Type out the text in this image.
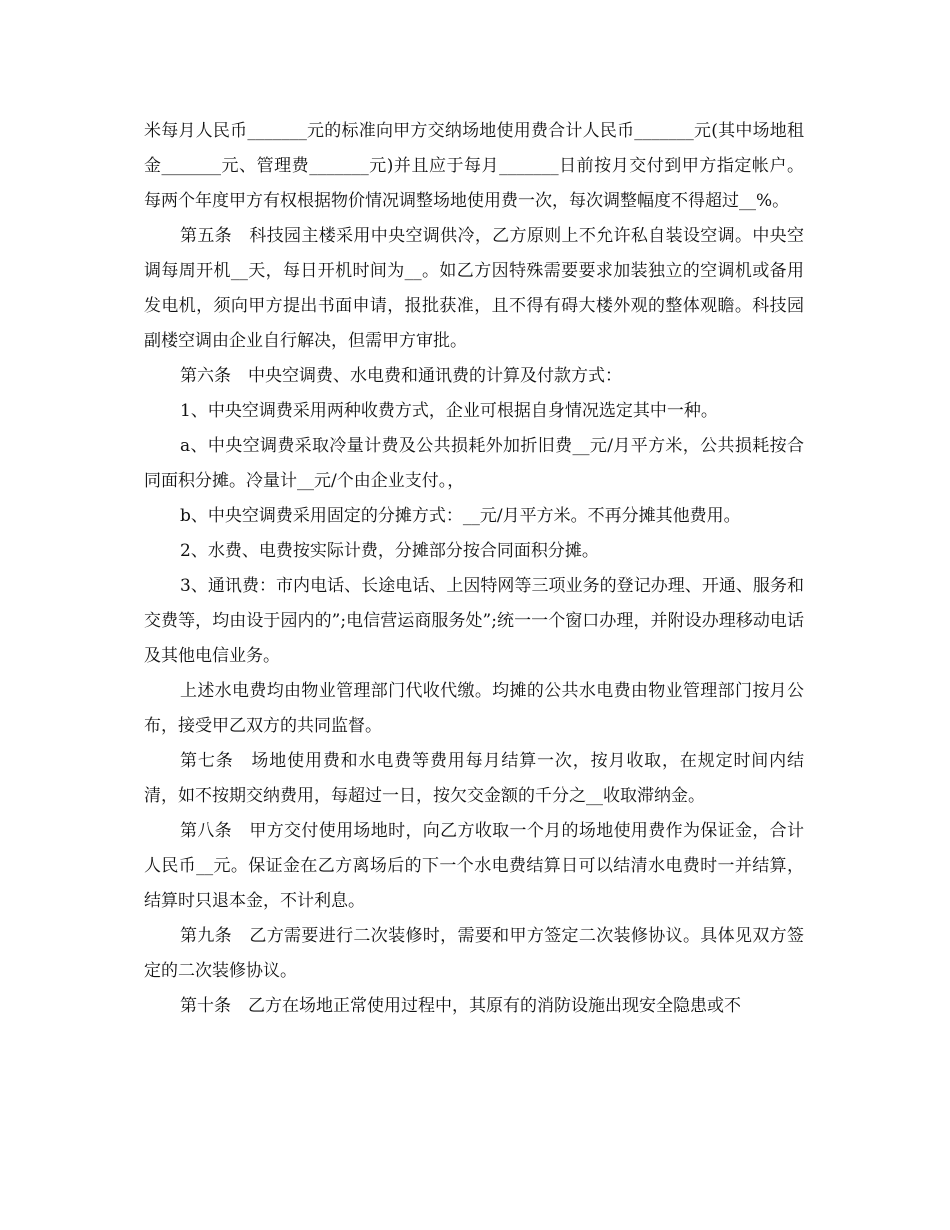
米每月人民币_______元的标准向甲方交纳场地使用费合计人民币_______元(其中场地租金_______元、管理费_______元)并且应于每月_______日前按月交付到甲方指定帐户。每两个年度甲方有权根据物价情况调整场地使用费一次，每次调整幅度不得超过__%。

第五条　科技园主楼采用中央空调供冷，乙方原则上不允许私自装设空调。中央空调每周开机__天，每日开机时间为__。如乙方因特殊需要要求加装独立的空调机或备用发电机，须向甲方提出书面申请，报批获准，且不得有碍大楼外观的整体观瞻。科技园副楼空调由企业自行解决，但需甲方审批。

第六条　中央空调费、水电费和通讯费的计算及付款方式：

1、中央空调费采用两种收费方式，企业可根据自身情况选定其中一种。

a、中央空调费采取冷量计费及公共损耗外加折旧费__元/月平方米，公共损耗按合同面积分摊。冷量计__元/个由企业支付。，

b、中央空调费采用固定的分摊方式：__元/月平方米。不再分摊其他费用。

2、水费、电费按实际计费，分摊部分按合同面积分摊。

3、通讯费：市内电话、长途电话、上因特网等三项业务的登记办理、开通、服务和交费等，均由设于园内的”;电信营运商服务处”;统一一个窗口办理，并附设办理移动电话及其他电信业务。

上述水电费均由物业管理部门代收代缴。均摊的公共水电费由物业管理部门按月公布，接受甲乙双方的共同监督。

第七条　场地使用费和水电费等费用每月结算一次，按月收取，在规定时间内结清，如不按期交纳费用，每超过一日，按欠交金额的千分之__收取滞纳金。

第八条　甲方交付使用场地时，向乙方收取一个月的场地使用费作为保证金，合计人民币__元。保证金在乙方离场后的下一个水电费结算日可以结清水电费时一并结算，结算时只退本金，不计利息。

第九条　乙方需要进行二次装修时，需要和甲方签定二次装修协议。具体见双方签定的二次装修协议。

第十条　乙方在场地正常使用过程中，其原有的消防设施出现安全隐患或不
